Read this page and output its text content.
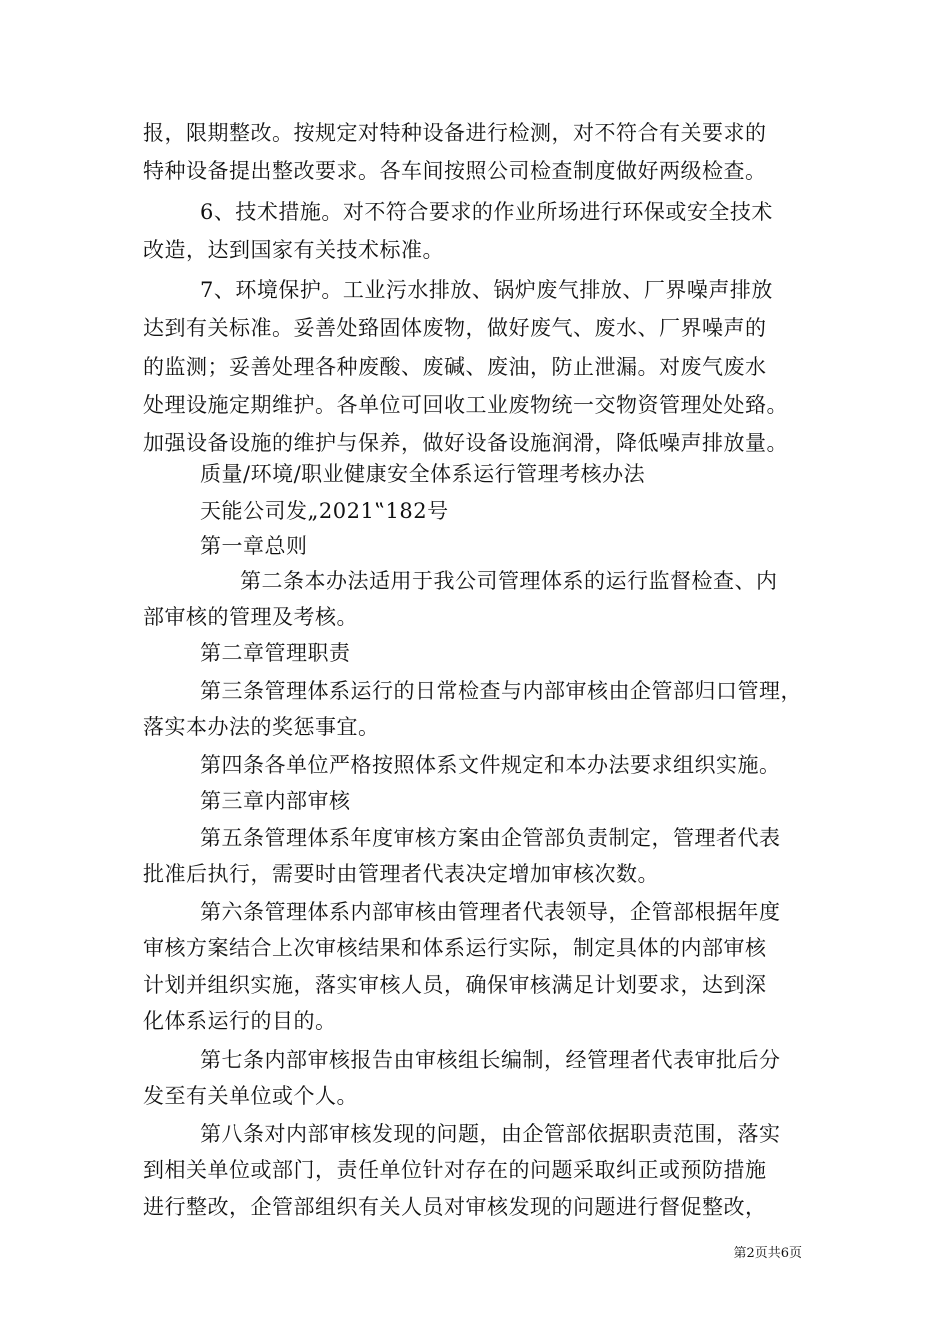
报，限期整改。按规定对特种设备进行检测，对不符合有关要求的
特种设备提出整改要求。各车间按照公司检查制度做好两级检查。
6、技术措施。对不符合要求的作业所场进行环保或安全技术
改造，达到国家有关技术标准。
7、环境保护。工业污水排放、锅炉废气排放、厂界噪声排放
达到有关标准。妥善处臵固体废物，做好废气、废水、厂界噪声的
的监测；妥善处理各种废酸、废碱、废油，防止泄漏。对废气废水
处理设施定期维护。各单位可回收工业废物统一交物资管理处处臵。
加强设备设施的维护与保养，做好设备设施润滑，降低噪声排放量。
质量/环境/职业健康安全体系运行管理考核办法
天能公司发„2021‟182号
第一章总则
第二条本办法适用于我公司管理体系的运行监督检查、内
部审核的管理及考核。
第二章管理职责
第三条管理体系运行的日常检查与内部审核由企管部归口管理，
落实本办法的奖惩事宜。
第四条各单位严格按照体系文件规定和本办法要求组织实施。
第三章内部审核
第五条管理体系年度审核方案由企管部负责制定，管理者代表
批准后执行，需要时由管理者代表决定增加审核次数。
第六条管理体系内部审核由管理者代表领导，企管部根据年度
审核方案结合上次审核结果和体系运行实际，制定具体的内部审核
计划并组织实施，落实审核人员，确保审核满足计划要求，达到深
化体系运行的目的。
第七条内部审核报告由审核组长编制，经管理者代表审批后分
发至有关单位或个人。
第八条对内部审核发现的问题，由企管部依据职责范围，落实
到相关单位或部门，责任单位针对存在的问题采取纠正或预防措施
进行整改，企管部组织有关人员对审核发现的问题进行督促整改，
第2页共6页
